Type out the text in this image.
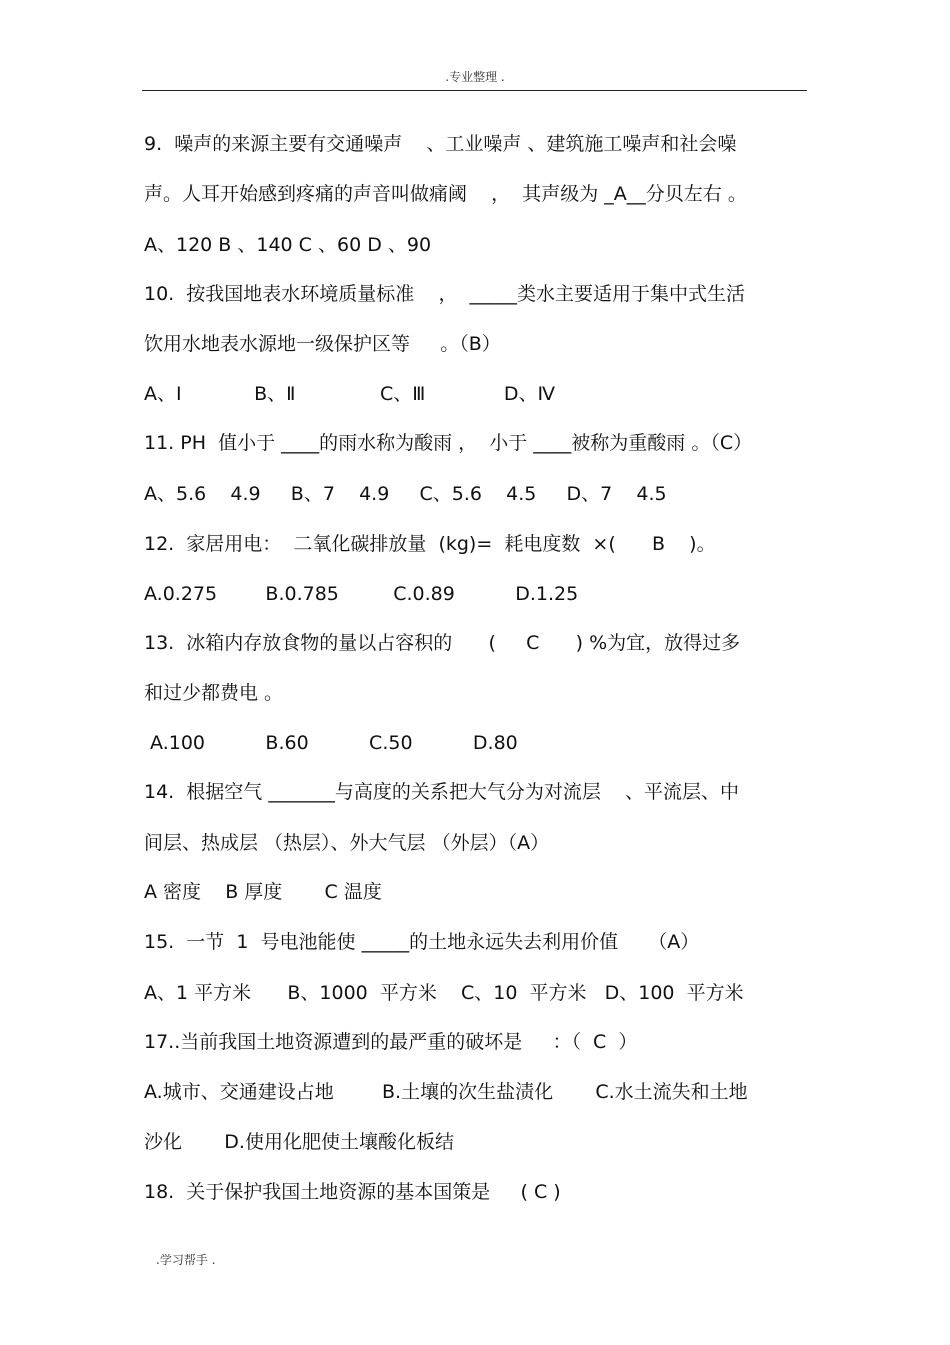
.专业整理 .
9.  噪声的来源主要有交通噪声    、工业噪声 、建筑施工噪声和社会噪
声。人耳开始感到疼痛的声音叫做痛阈    ，  其声级为 _A__分贝左右 。
A、120 B 、140 C 、60 D 、90
10.  按我国地表水环境质量标准    ，  _____类水主要适用于集中式生活
饮用水地表水源地一级保护区等     。（B）
A、Ⅰ            B、Ⅱ              C、Ⅲ             D、Ⅳ
11. PH  值小于 ____的雨水称为酸雨 ，  小于 ____被称为重酸雨 。（C）
A、5.6    4.9     B、7    4.9     C、5.6    4.5     D、7    4.5
12.  家居用电：  二氧化碳排放量  (kg)=  耗电度数  ×(      B    )。
A.0.275        B.0.785         C.0.89          D.1.25
13.  冰箱内存放食物的量以占容积的      (     C      ) %为宜，放得过多
和过少都费电 。
A.100          B.60          C.50          D.80
14.  根据空气 _______与高度的关系把大气分为对流层    、平流层、中
间层、热成层 （热层）、外大气层 （外层）（A）
A 密度    B 厚度       C 温度
15.  一节  1  号电池能使 _____的土地永远失去利用价值     （A）
A、1 平方米      B、1000  平方米    C、10  平方米   D、100  平方米
17..当前我国土地资源遭到的最严重的破坏是     ：（  C  ）
A.城市、交通建设占地        B.土壤的次生盐渍化       C.水土流失和土地
沙化       D.使用化肥使土壤酸化板结
18.  关于保护我国土地资源的基本国策是     ( C )
.学习帮手 .
